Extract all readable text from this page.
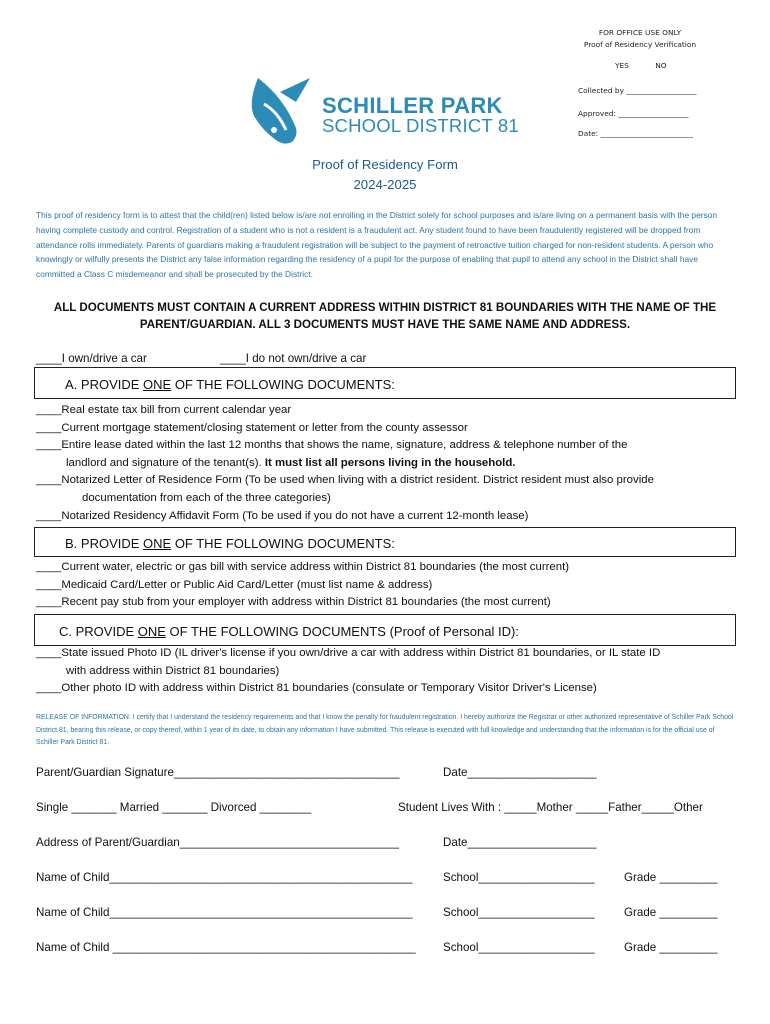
FOR OFFICE USE ONLY
Proof of Residency Verification
YES	NO
Collected by ___________________
Approved: ___________________
Date: _________________________
SCHILLER PARK
SCHOOL DISTRICT 81
Proof of Residency Form
2024-2025
This proof of residency form is to attest that the child(ren) listed below is/are not enrolling in the District solely for school purposes and is/are living on a permanent basis with the person having complete custody and control. Registration of a student who is not a resident is a fraudulent act. Any student found to have been fraudulently registered will be dropped from attendance rolls immediately. Parents of guardians making a fraudulent registration will be subject to the payment of retroactive tuition charged for non-resident students. A person who knowingly or wilfully presents the District any false information regarding the residency of a pupil for the purpose of enabling that pupil to attend any school in the District shall have committed a Class C misdemeanor and shall be prosecuted by the District.
ALL DOCUMENTS MUST CONTAIN A CURRENT ADDRESS WITHIN DISTRICT 81 BOUNDARIES WITH THE NAME OF THE PARENT/GUARDIAN. ALL 3 DOCUMENTS MUST HAVE THE SAME NAME AND ADDRESS.
____I own/drive a car	____I do not own/drive a car
A. PROVIDE ONE OF THE FOLLOWING DOCUMENTS:
____Real estate tax bill from current calendar year
____Current mortgage statement/closing statement or letter from the county assessor
____Entire lease dated within the last 12 months that shows the name, signature, address & telephone number of the
landlord and signature of the tenant(s). It must list all persons living in the household.
____Notarized Letter of Residence Form (To be used when living with a district resident. District resident must also provide
documentation from each of the three categories)
____Notarized Residency Affidavit Form (To be used if you do not have a current 12-month lease)
B. PROVIDE ONE OF THE FOLLOWING DOCUMENTS:
____Current water, electric or gas bill with service address within District 81 boundaries (the most current)
____Medicaid Card/Letter or Public Aid Card/Letter (must list name & address)
____Recent pay stub from your employer with address within District 81 boundaries (the most current)
C. PROVIDE ONE OF THE FOLLOWING DOCUMENTS (Proof of Personal ID):
____State issued Photo ID (IL driver's license if you own/drive a car with address within District 81 boundaries, or IL state ID
with address within District 81 boundaries)
____Other photo ID with address within District 81 boundaries (consulate or Temporary Visitor Driver's License)
RELEASE OF INFORMATION: I certify that I understand the residency requirements and that I know the penalty for fraudulent registration. I hereby authorize the Registrar or other authorized representative of Schiller Park School District 81, bearing this release, or copy thereof, within 1 year of its date, to obtain any information I have submitted. This release is executed with full knowledge and understanding that the information is for the official use of Schiller Park District 81.
Parent/Guardian Signature___________________________________	Date____________________
Single _______ Married _______ Divorced ________	Student Lives With : _____Mother _____Father_____Other
Address of Parent/Guardian__________________________________	Date____________________
Name of Child_______________________________________________	School__________________	Grade _________
Name of Child_______________________________________________	School__________________	Grade _________
Name of Child _______________________________________________ School__________________	Grade _________
